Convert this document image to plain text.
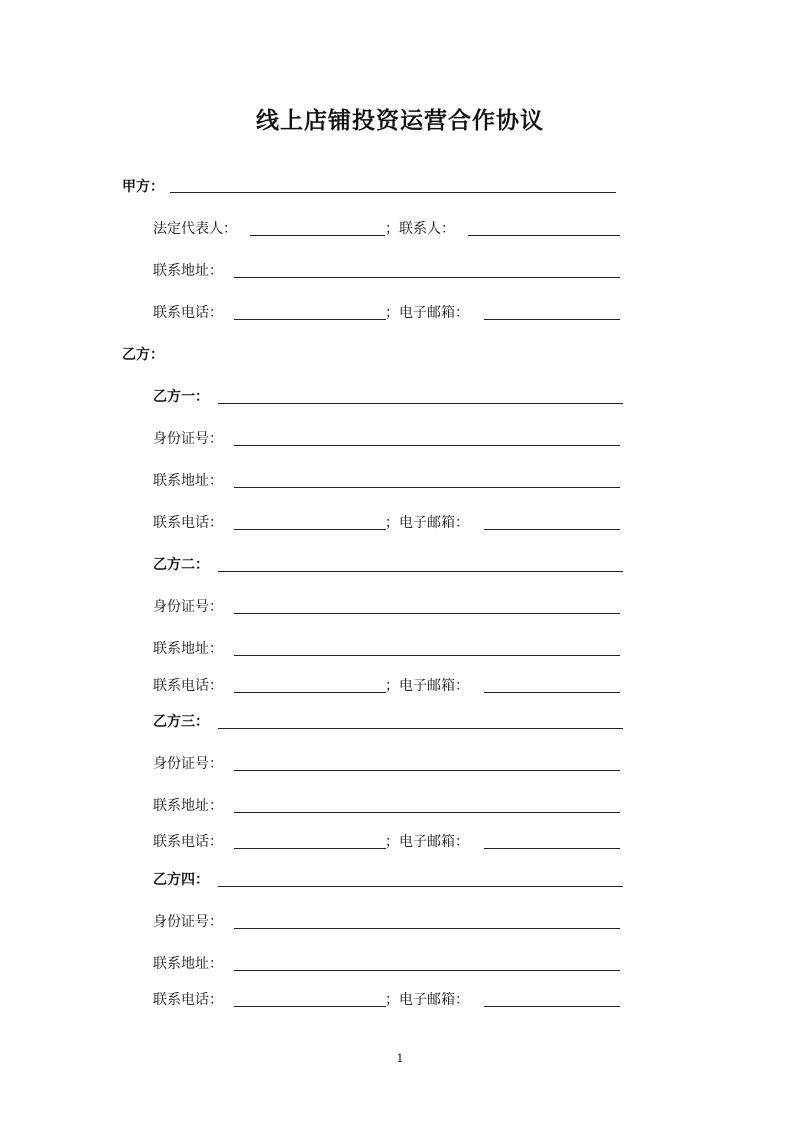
线上店铺投资运营合作协议
甲方：
法定代表人：	；联系人：
联系地址：
联系电话：	；电子邮箱：
乙方：
乙方一：
身份证号：
联系地址：
联系电话：	；电子邮箱：
乙方二：
身份证号：
联系地址：
联系电话：	；电子邮箱：
乙方三：
身份证号：
联系地址：
联系电话：	；电子邮箱：
乙方四：
身份证号：
联系地址：
联系电话：	；电子邮箱：
1
